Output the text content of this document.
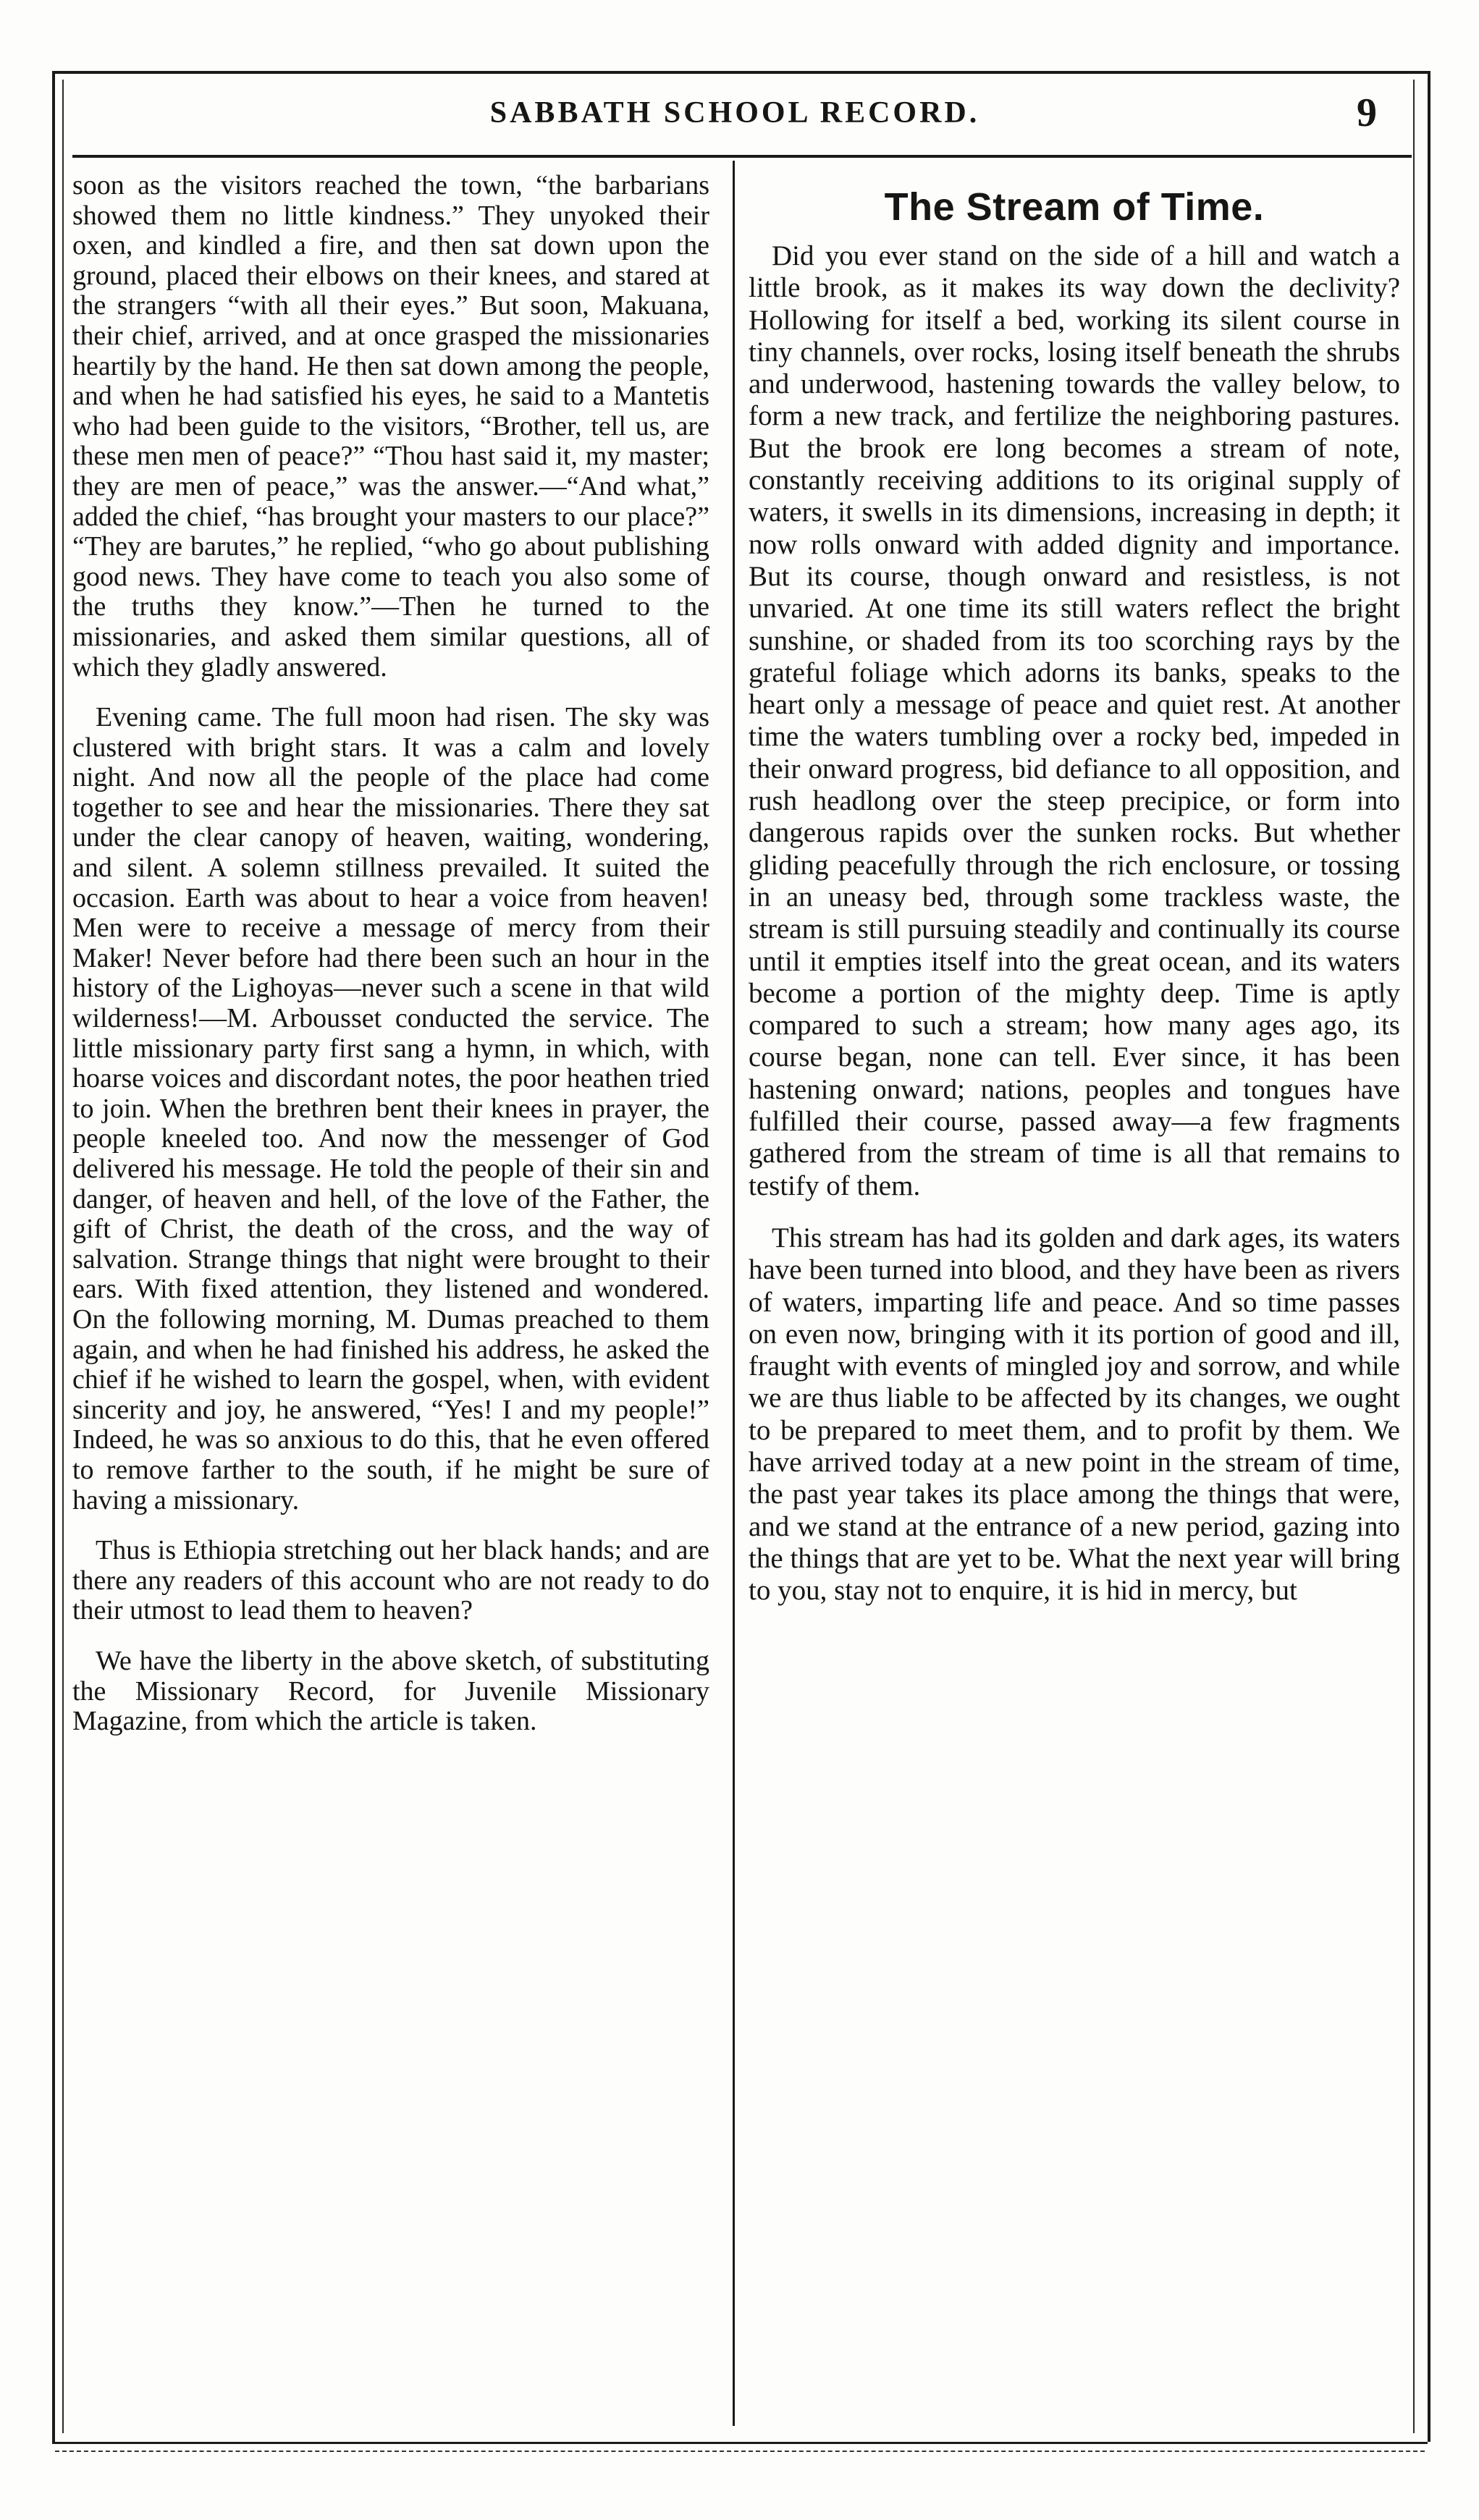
SABBATH SCHOOL RECORD.	9

soon as the visitors reached the town, “the barbarians showed them no little kindness.” They unyoked their oxen, and kindled a fire, and then sat down upon the ground, placed their elbows on their knees, and stared at the strangers “with all their eyes.” But soon, Makuana, their chief, arrived, and at once grasped the missionaries heartily by the hand. He then sat down among the people, and when he had satisfied his eyes, he said to a Mantetis who had been guide to the visitors, “Brother, tell us, are these men men of peace?” “Thou hast said it, my master; they are men of peace,” was the answer.—“And what,” added the chief, “has brought your masters to our place?” “They are barutes,” he replied, “who go about publishing good news. They have come to teach you also some of the truths they know.”—Then he turned to the missionaries, and asked them similar questions, all of which they gladly answered.

Evening came. The full moon had risen. The sky was clustered with bright stars. It was a calm and lovely night. And now all the people of the place had come together to see and hear the missionaries. There they sat under the clear canopy of heaven, waiting, wondering, and silent. A solemn stillness prevailed. It suited the occasion. Earth was about to hear a voice from heaven! Men were to receive a message of mercy from their Maker! Never before had there been such an hour in the history of the Lighoyas—never such a scene in that wild wilderness!—M. Arbousset conducted the service. The little missionary party first sang a hymn, in which, with hoarse voices and discordant notes, the poor heathen tried to join. When the brethren bent their knees in prayer, the people kneeled too. And now the messenger of God delivered his message. He told the people of their sin and danger, of heaven and hell, of the love of the Father, the gift of Christ, the death of the cross, and the way of salvation. Strange things that night were brought to their ears. With fixed attention, they listened and wondered. On the following morning, M. Dumas preached to them again, and when he had finished his address, he asked the chief if he wished to learn the gospel, when, with evident sincerity and joy, he answered, “Yes! I and my people!” Indeed, he was so anxious to do this, that he even offered to remove farther to the south, if he might be sure of having a missionary.

Thus is Ethiopia stretching out her black hands; and are there any readers of this account who are not ready to do their utmost to lead them to heaven?

We have the liberty in the above sketch, of substituting the Missionary Record, for Juvenile Missionary Magazine, from which the article is taken.

The Stream of Time.

Did you ever stand on the side of a hill and watch a little brook, as it makes its way down the declivity? Hollowing for itself a bed, working its silent course in tiny channels, over rocks, losing itself beneath the shrubs and underwood, hastening towards the valley below, to form a new track, and fertilize the neighboring pastures. But the brook ere long becomes a stream of note, constantly receiving additions to its original supply of waters, it swells in its dimensions, increasing in depth; it now rolls onward with added dignity and importance. But its course, though onward and resistless, is not unvaried. At one time its still waters reflect the bright sunshine, or shaded from its too scorching rays by the grateful foliage which adorns its banks, speaks to the heart only a message of peace and quiet rest. At another time the waters tumbling over a rocky bed, impeded in their onward progress, bid defiance to all opposition, and rush headlong over the steep precipice, or form into dangerous rapids over the sunken rocks. But whether gliding peacefully through the rich enclosure, or tossing in an uneasy bed, through some trackless waste, the stream is still pursuing steadily and continually its course until it empties itself into the great ocean, and its waters become a portion of the mighty deep. Time is aptly compared to such a stream; how many ages ago, its course began, none can tell. Ever since, it has been hastening onward; nations, peoples and tongues have fulfilled their course, passed away—a few fragments gathered from the stream of time is all that remains to testify of them.

This stream has had its golden and dark ages, its waters have been turned into blood, and they have been as rivers of waters, imparting life and peace. And so time passes on even now, bringing with it its portion of good and ill, fraught with events of mingled joy and sorrow, and while we are thus liable to be affected by its changes, we ought to be prepared to meet them, and to profit by them. We have arrived today at a new point in the stream of time, the past year takes its place among the things that were, and we stand at the entrance of a new period, gazing into the things that are yet to be. What the next year will bring to you, stay not to enquire, it is hid in mercy, but
